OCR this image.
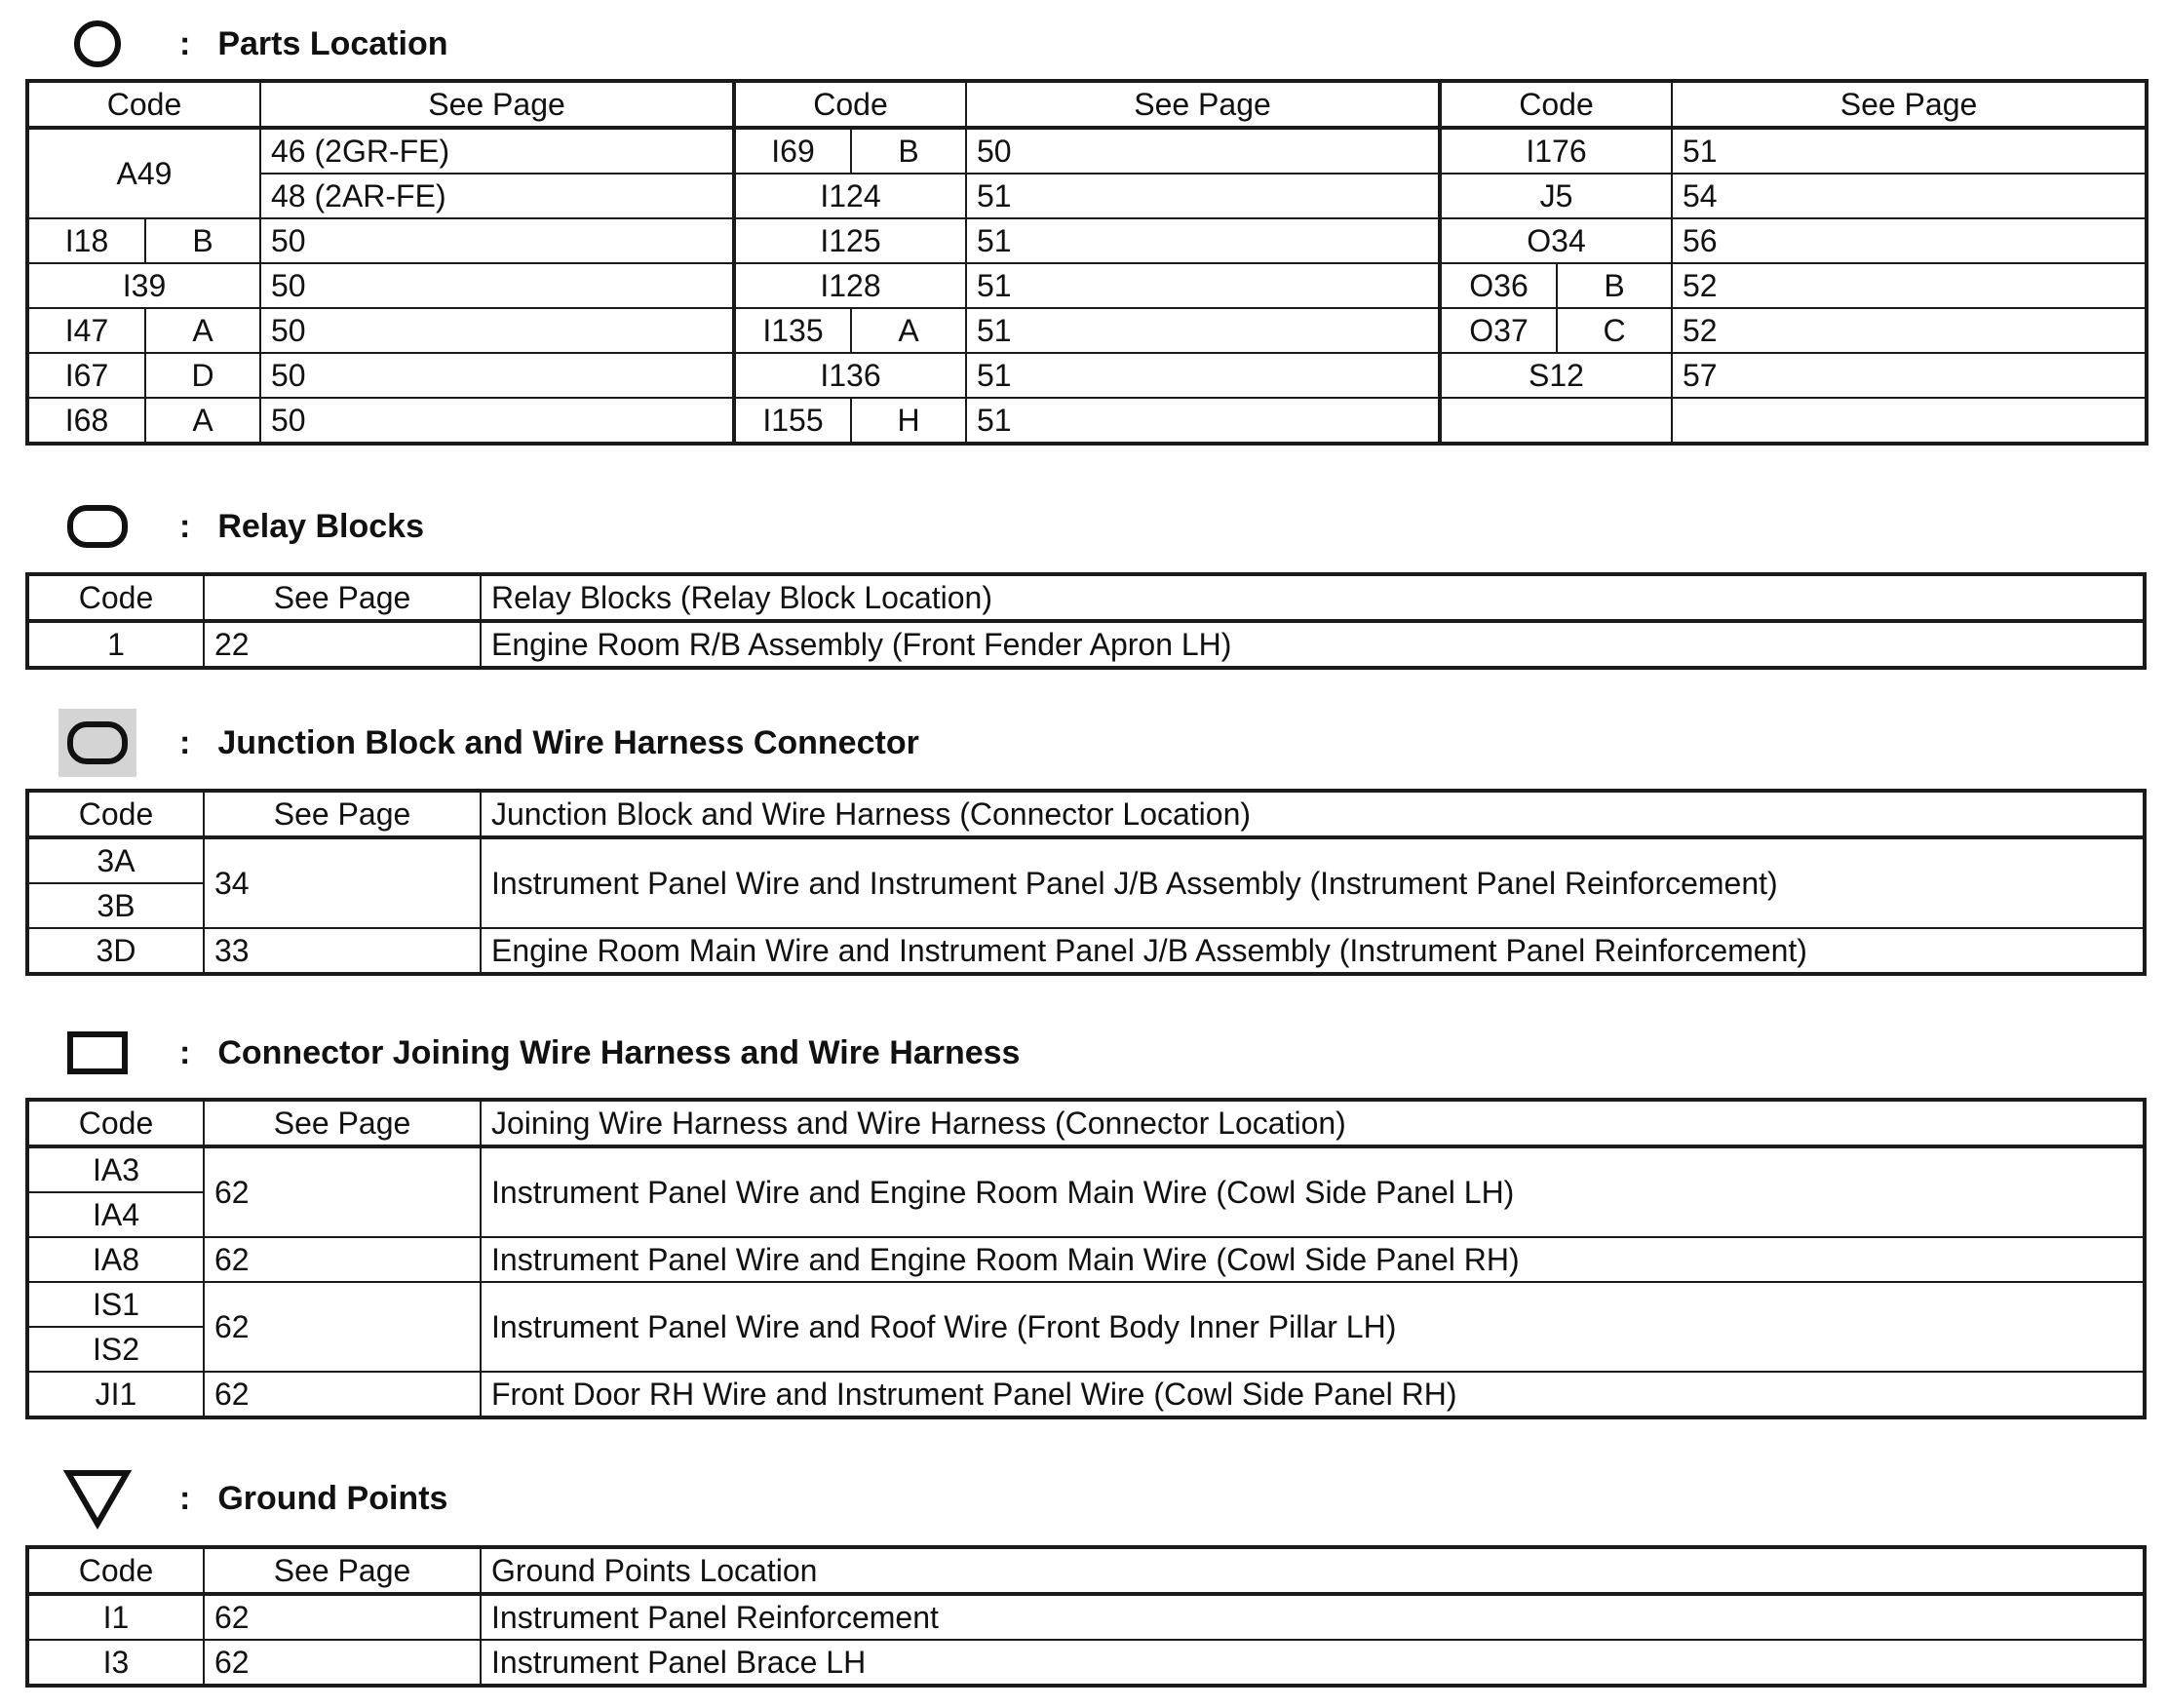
: Parts Location
Code		See Page	Code		See Page	Code		See Page
A49		46 (2GR-FE)	I69	B	50	I176		51
		48 (2AR-FE)	I124		51	J5		54
I18	B	50	I125		51	O34		56
I39		50	I128		51	O36	B	52
I47	A	50	I135	A	51	O37	C	52
I67	D	50	I136		51	S12		57
I68	A	50	I155	H	51			
: Relay Blocks
Code	See Page	Relay Blocks (Relay Block Location)
1	22	Engine Room R/B Assembly (Front Fender Apron LH)
: Junction Block and Wire Harness Connector
Code	See Page	Junction Block and Wire Harness (Connector Location)
3A	34	Instrument Panel Wire and Instrument Panel J/B Assembly (Instrument Panel Reinforcement)
3B		
3D	33	Engine Room Main Wire and Instrument Panel J/B Assembly (Instrument Panel Reinforcement)
: Connector Joining Wire Harness and Wire Harness
Code	See Page	Joining Wire Harness and Wire Harness (Connector Location)
IA3	62	Instrument Panel Wire and Engine Room Main Wire (Cowl Side Panel LH)
IA4		
IA8	62	Instrument Panel Wire and Engine Room Main Wire (Cowl Side Panel RH)
IS1	62	Instrument Panel Wire and Roof Wire (Front Body Inner Pillar LH)
IS2		
JI1	62	Front Door RH Wire and Instrument Panel Wire (Cowl Side Panel RH)
: Ground Points
Code	See Page	Ground Points Location
I1	62	Instrument Panel Reinforcement
I3	62	Instrument Panel Brace LH
